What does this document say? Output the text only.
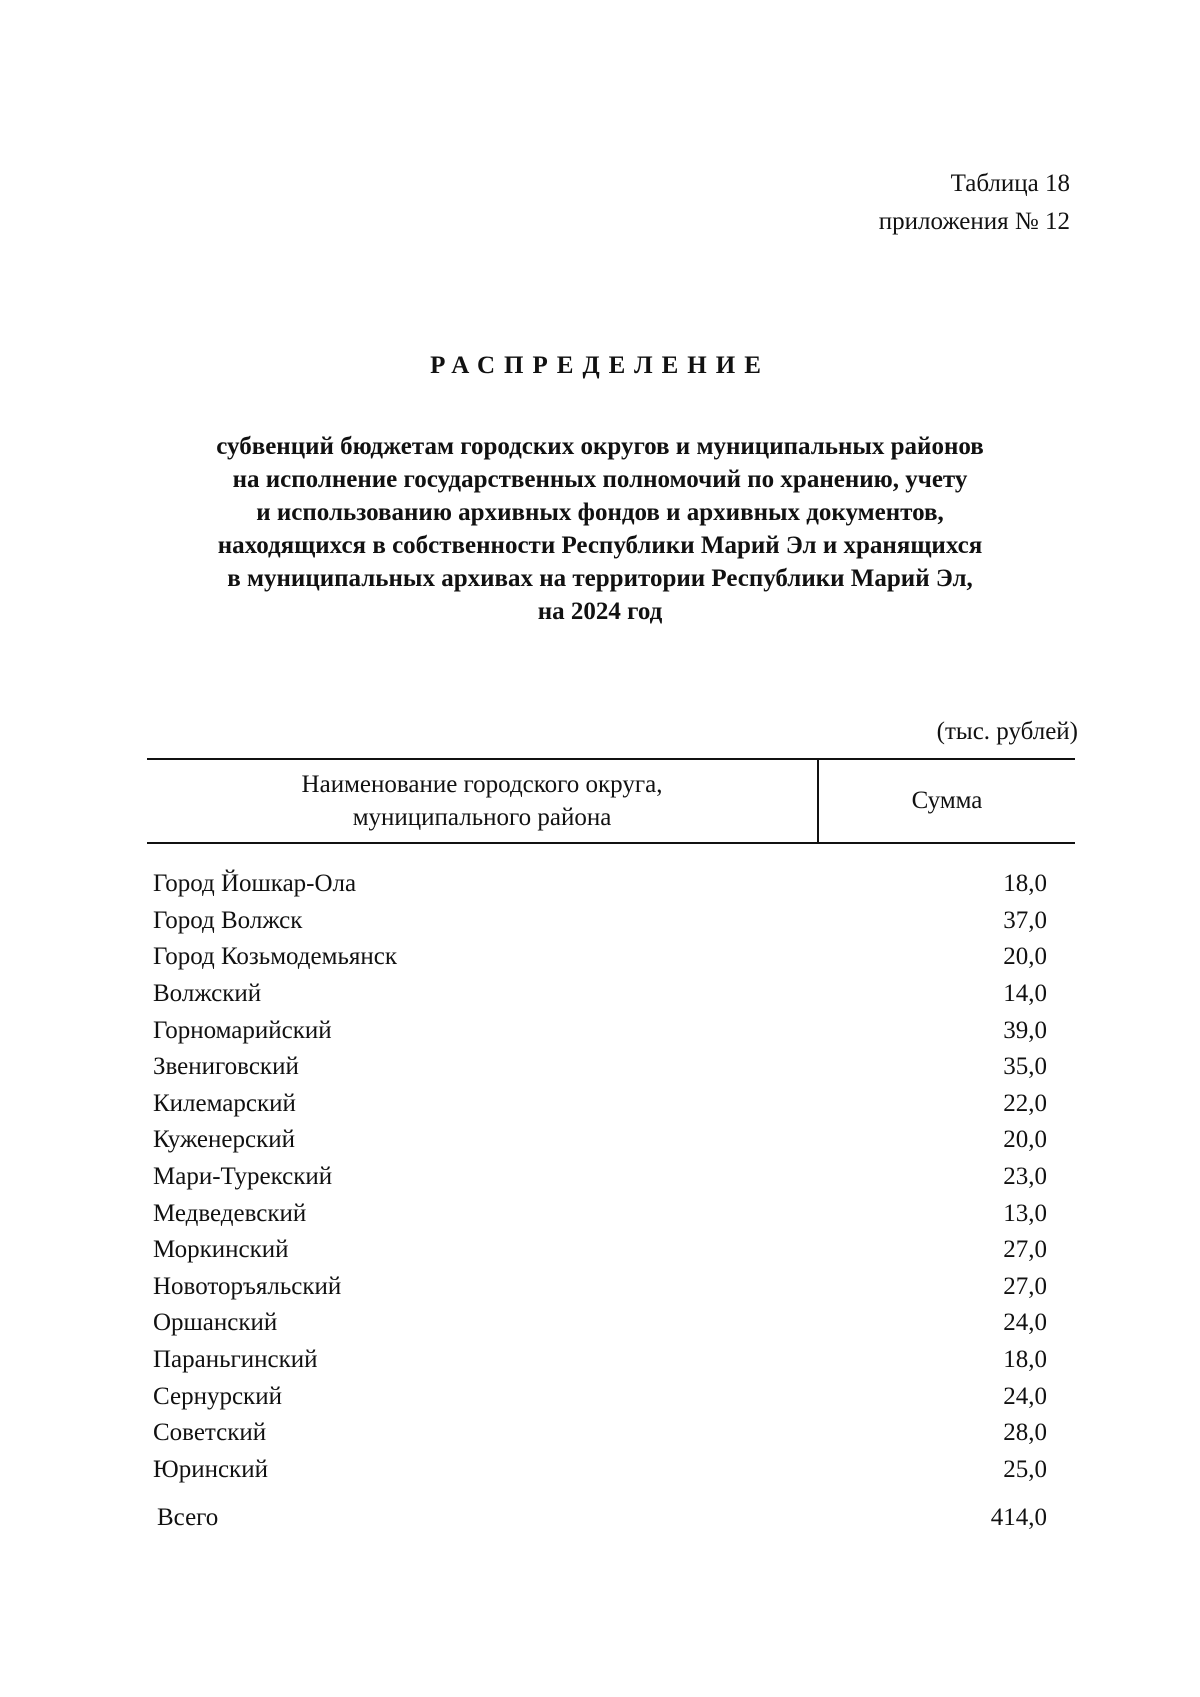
Таблица 18
приложения № 12
РАСПРЕДЕЛЕНИЕ
субвенций бюджетам городских округов и муниципальных районов
на исполнение государственных полномочий по хранению, учету
и использованию архивных фондов и архивных документов,
находящихся в собственности Республики Марий Эл и хранящихся
в муниципальных архивах на территории Республики Марий Эл,
на 2024 год
(тыс. рублей)
Наименование городского округа,
муниципального района
Сумма
Город Йошкар-Ола	18,0
Город Волжск	37,0
Город Козьмодемьянск	20,0
Волжский	14,0
Горномарийский	39,0
Звениговский	35,0
Килемарский	22,0
Куженерский	20,0
Мари-Турекский	23,0
Медведевский	13,0
Моркинский	27,0
Новоторъяльский	27,0
Оршанский	24,0
Параньгинский	18,0
Сернурский	24,0
Советский	28,0
Юринский	25,0
Всего	414,0
